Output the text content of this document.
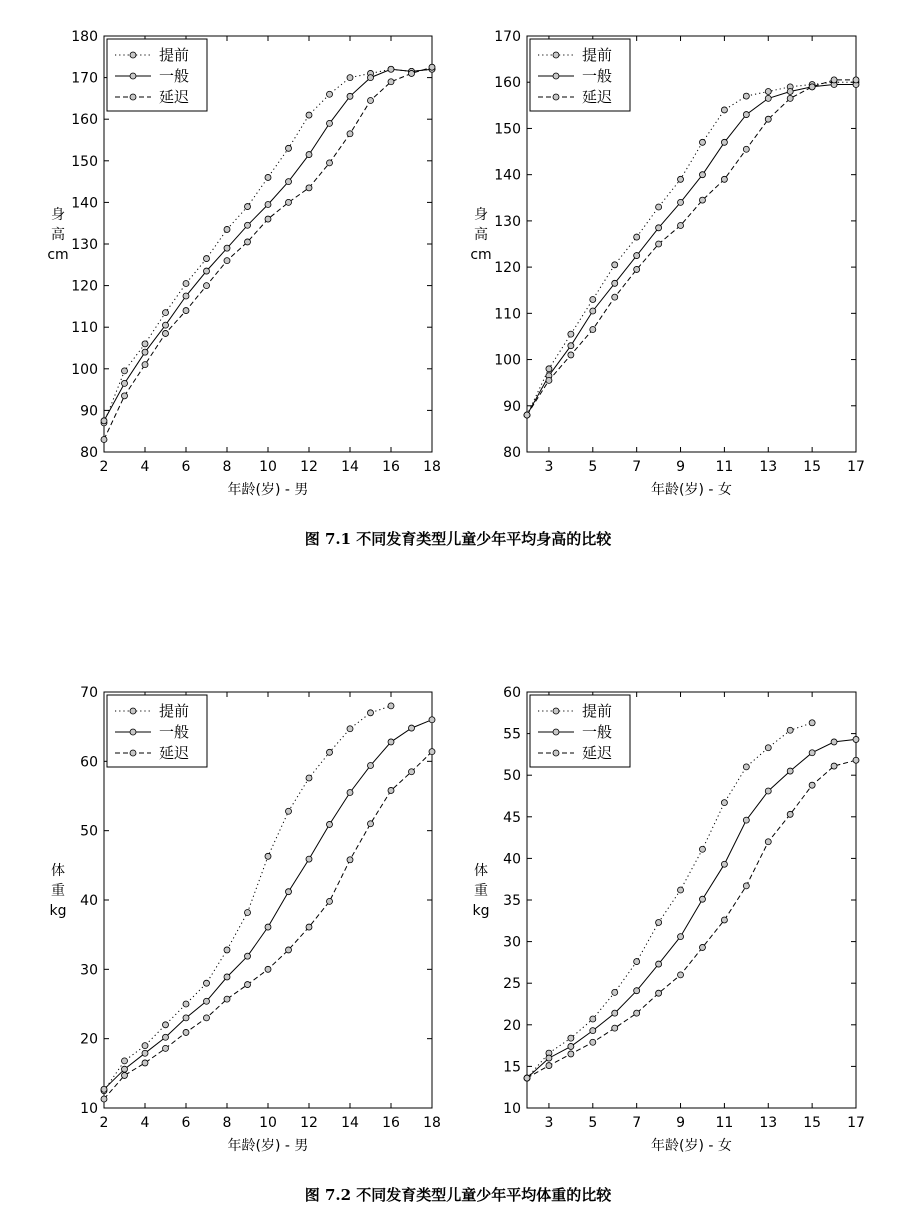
2 4 6 8 10 12 14 16 18
80
90
100
110
120
130
140
150
160
170
180
年龄(岁) - 男
身
高
cm
提前
一般
延迟
3 5 7 9 11 13 15 17
80
90
100
110
120
130
140
150
160
170
年龄(岁) - 女
身
高
cm
提前
一般
延迟
2 4 6 8 10 12 14 16 18
10
20
30
40
50
60
70
年龄(岁) - 男
体
重
kg
提前
一般
延迟
3 5 7 9 11 13 15 17
10
15
20
25
30
35
40
45
50
55
60
年龄(岁) - 女
体
重
kg
提前
一般
延迟
图 7.1 不同发育类型儿童少年平均身高的比较
图 7.2 不同发育类型儿童少年平均体重的比较
